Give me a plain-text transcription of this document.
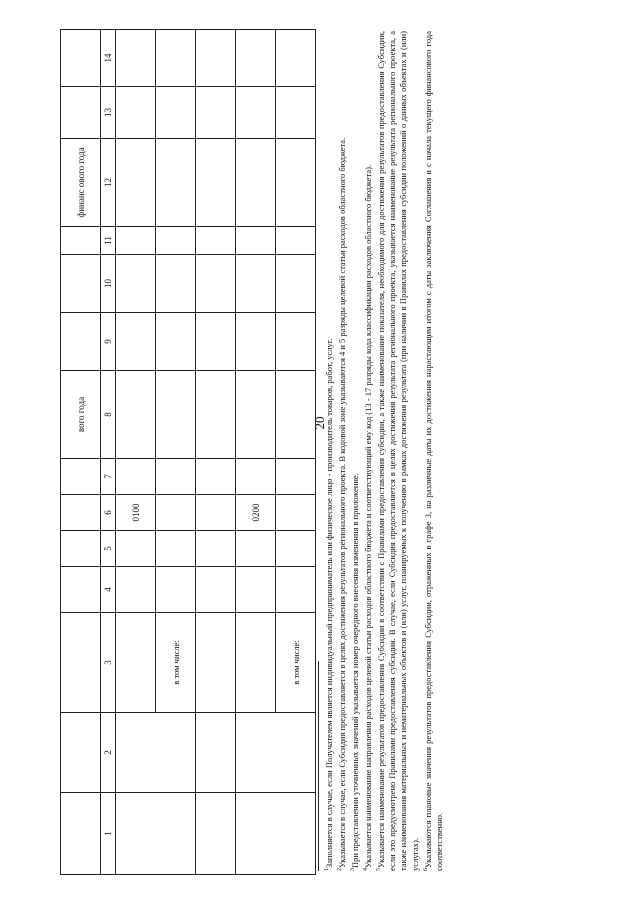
20
							вого года				финанс ового года		
1	2	3	4	5	6	7	8	9	10	11	12	13	14
					0100								
		в том числе:											

					0200								
		в том числе:											

$^1$Заполняется в случае, если Получателем является индивидуальный предприниматель или физическое лицо - производитель товаров, работ, услуг.

$^2$Указывается в случае, если Субсидия предоставляется в целях достижения результатов регионального проекта. В кодовой зоне указываются 4 и 5 разряды целевой статьи расходов областного бюджета.

$^3$При представлении уточненных значений указывается номер очередного внесения изменения в приложение.

$^4$Указывается наименование направления расходов целевой статьи расходов областного бюджета и соответствующий ему код (13 - 17 разряды кода классификации расходов областного бюджета).

$^5$Указывается наименование результатов предоставления Субсидии в соответствии с Правилами предоставления субсидии, а также наименование показателя, необходимого для достижения результатов предоставления Субсидии, если это предусмотрено Правилами предоставления субсидии. В случае, если Субсидия предоставляется в целях достижения результата регионального проекта, указывается наименование результата регионального проекта, а также наименования материальных и нематериальных объектов и (или) услуг, планируемых к получению в рамках достижения результата (при наличии в Правилах предоставления субсидии положений о данных объектах и (или) услугах). $^6$Указываются плановые значения результатов предоставления Субсидии, отраженных в графе 3, на различные даты их достижения нарастающим итогом с даты заключения Соглашения и с начала текущего финансового года соответственно.
